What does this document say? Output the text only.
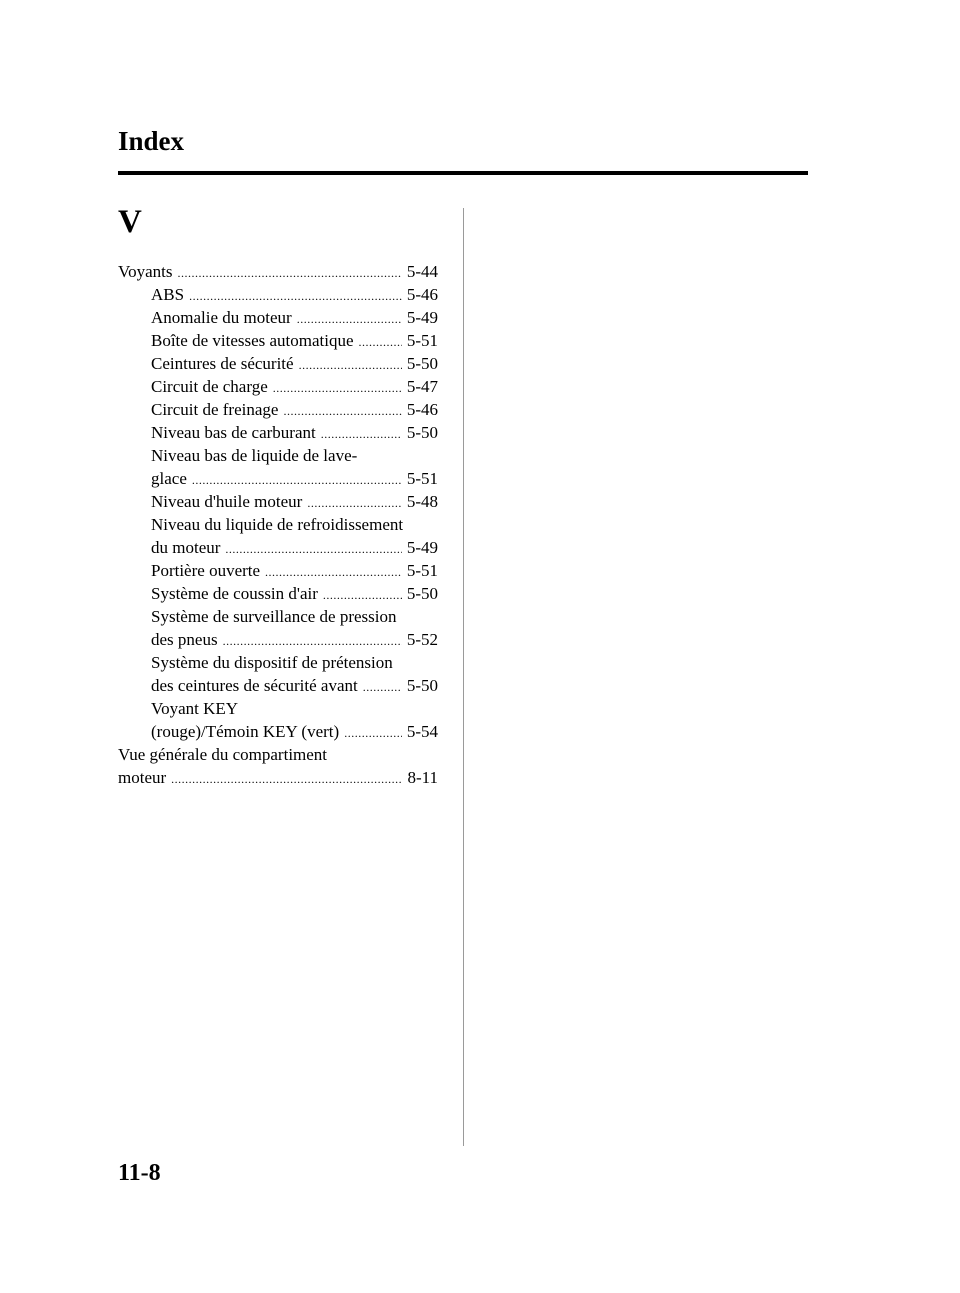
Index
V
Voyants .....	5-44
ABS .....	5-46
Anomalie du moteur .....	5-49
Boîte de vitesses automatique .....	5-51
Ceintures de sécurité .....	5-50
Circuit de charge .....	5-47
Circuit de freinage .....	5-46
Niveau bas de carburant .....	5-50
Niveau bas de liquide de lave-
glace .....	5-51
Niveau d'huile moteur .....	5-48
Niveau du liquide de refroidissement
du moteur .....	5-49
Portière ouverte .....	5-51
Système de coussin d'air .....	5-50
Système de surveillance de pression
des pneus .....	5-52
Système du dispositif de prétension
des ceintures de sécurité avant .....	5-50
Voyant KEY
(rouge)/Témoin KEY (vert) .....	5-54
Vue générale du compartiment
moteur .....	8-11
11-8
